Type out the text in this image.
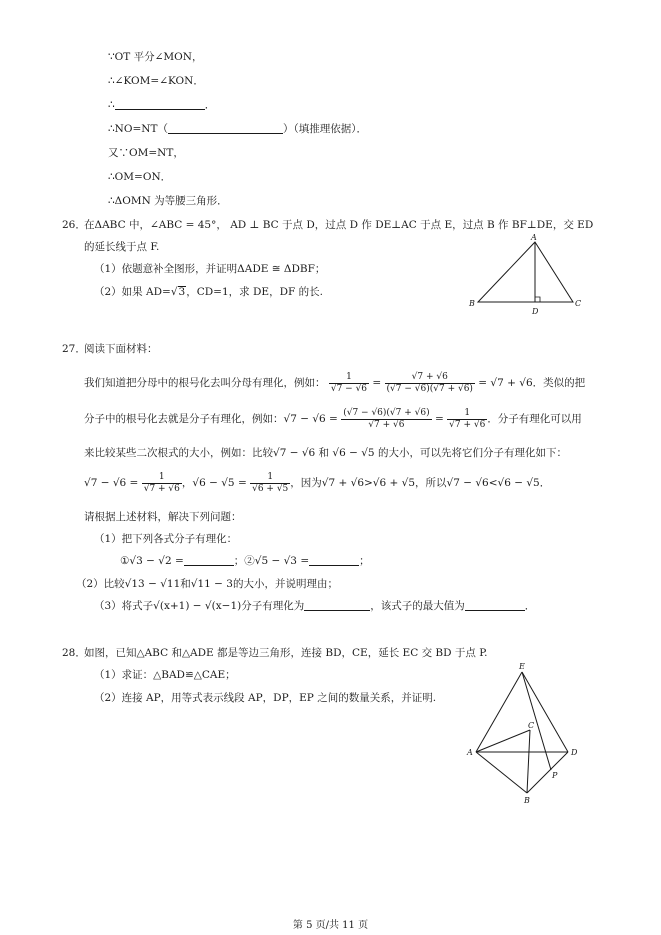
∵OT 平分∠MON，
∴∠KOM=∠KON．
∴	．
∴NO=NT（	）（填推理依据）．
又∵OM=NT，
∴OM=ON．
∴ΔOMN 为等腰三角形．
26．
在ΔABC 中，∠ABC = 45°， AD ⊥ BC 于点 D，过点 D 作 DE⊥AC 于点 E，过点 B 作 BF⊥DE，交 ED
的延长线于点 F.
（1）依题意补全图形，并证明ΔADE ≅ ΔDBF；
（2）如果 AD=√3，CD=1，求 DE，DF 的长.
A
B	C
D
27．
阅读下面材料：
我们知道把分母中的根号化去叫分母有理化，例如： $\frac{1}{√7 - √6} = \frac{√7 + √6}{(√7 - √6)(√7 + √6)} = √7 + √6$．类似的把
分子中的根号化去就是分子有理化，例如：$√7 - √6 = \frac{(√7 - √6)(√7 + √6)}{√7 + √6} = \frac{1}{√7 + √6}$ ．分子有理化可以用
来比较某些二次根式的大小，例如：比较√7 − √6 和 √6 − √5 的大小，可以先将它们分子有理化如下：
$√7 - √6 = \frac{1}{√7 + √6}$ ，$√6 - √5 = \frac{1}{√6 + √5}$ ，因为√7 + √6>√6 + √5，所以√7 − √6<√6 − √5．
请根据上述材料，解决下列问题：
（1）把下列各式分子有理化：
①√3 − √2 =	；②√5 − √3 =	；
（2）比较√13 − √11和√11 − 3的大小，并说明理由；
（3）将式子√(x+1) − √(x−1)分子有理化为	，该式子的最大值为	．
28．
如图，已知△ABC 和△ADE 都是等边三角形，连接 BD，CE，延长 EC 交 BD 于点 P.
（1）求证：△BAD≌△CAE；
（2）连接 AP，用等式表示线段 AP，DP，EP 之间的数量关系，并证明.
E
A	D
C
P
B
第 5 页/共 11 页
